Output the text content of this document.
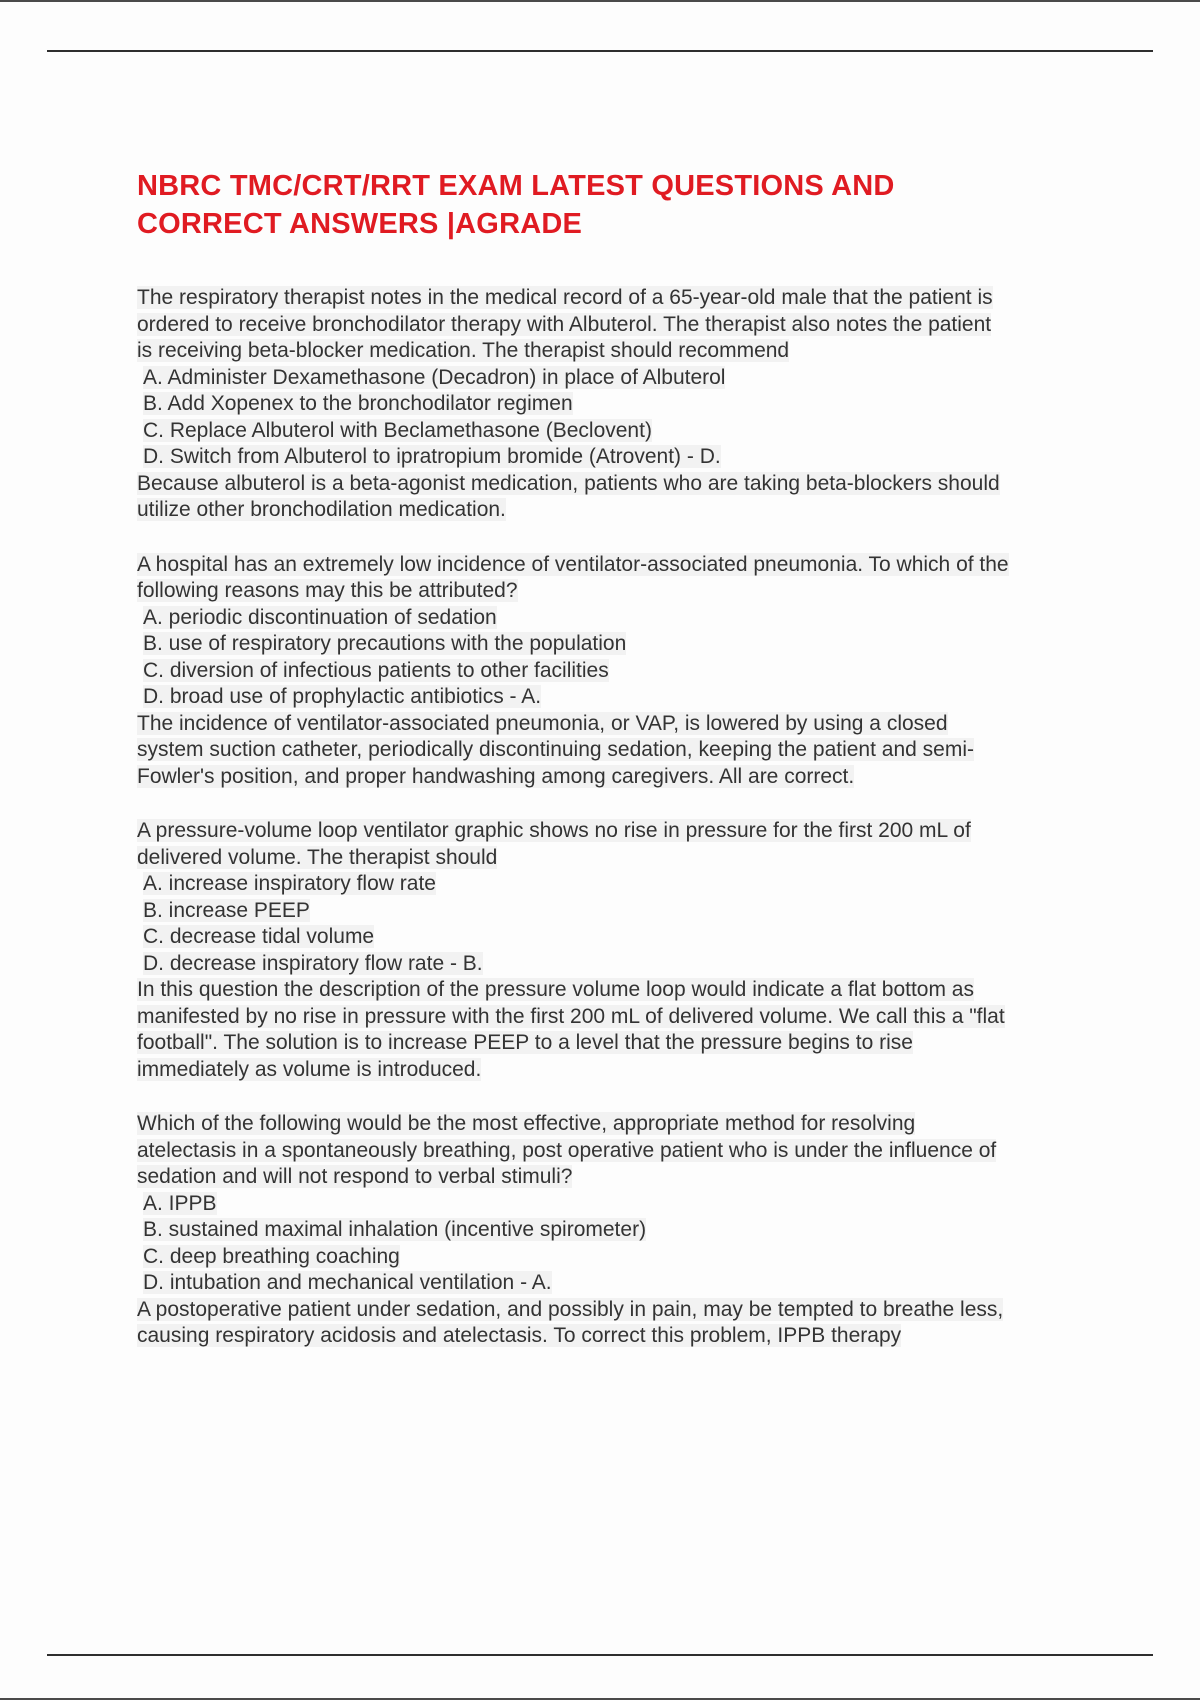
NBRC TMC/CRT/RRT EXAM LATEST QUESTIONS AND CORRECT ANSWERS |AGRADE

The respiratory therapist notes in the medical record of a 65-year-old male that the patient is ordered to receive bronchodilator therapy with Albuterol. The therapist also notes the patient is receiving beta-blocker medication. The therapist should recommend

A. Administer Dexamethasone (Decadron) in place of Albuterol

B. Add Xopenex to the bronchodilator regimen

C. Replace Albuterol with Beclamethasone (Beclovent)

D. Switch from Albuterol to ipratropium bromide (Atrovent) - D.

Because albuterol is a beta-agonist medication, patients who are taking beta-blockers should utilize other bronchodilation medication.

A hospital has an extremely low incidence of ventilator-associated pneumonia. To which of the following reasons may this be attributed?

A. periodic discontinuation of sedation

B. use of respiratory precautions with the population

C. diversion of infectious patients to other facilities

D. broad use of prophylactic antibiotics - A.

The incidence of ventilator-associated pneumonia, or VAP, is lowered by using a closed system suction catheter, periodically discontinuing sedation, keeping the patient and semi-Fowler's position, and proper handwashing among caregivers. All are correct.

A pressure-volume loop ventilator graphic shows no rise in pressure for the first 200 mL of delivered volume. The therapist should

A. increase inspiratory flow rate

B. increase PEEP

C. decrease tidal volume

D. decrease inspiratory flow rate - B.

In this question the description of the pressure volume loop would indicate a flat bottom as manifested by no rise in pressure with the first 200 mL of delivered volume. We call this a "flat football". The solution is to increase PEEP to a level that the pressure begins to rise immediately as volume is introduced.

Which of the following would be the most effective, appropriate method for resolving atelectasis in a spontaneously breathing, post operative patient who is under the influence of sedation and will not respond to verbal stimuli?

A. IPPB

B. sustained maximal inhalation (incentive spirometer)

C. deep breathing coaching

D. intubation and mechanical ventilation - A.

A postoperative patient under sedation, and possibly in pain, may be tempted to breathe less, causing respiratory acidosis and atelectasis. To correct this problem, IPPB therapy
